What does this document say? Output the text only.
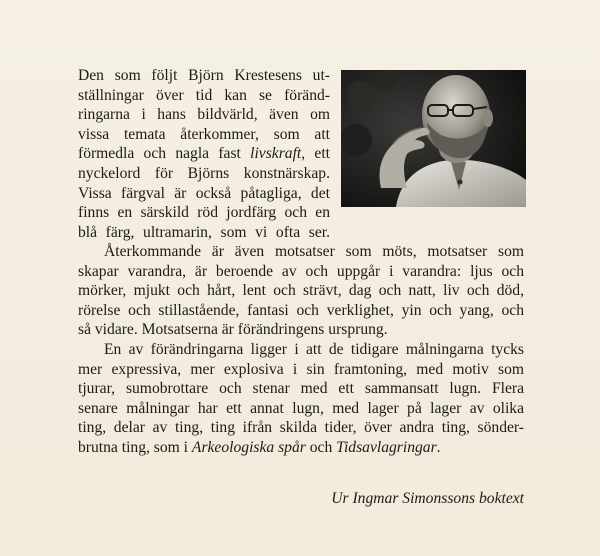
Den som följt Björn Krestesens ut-
ställningar över tid kan se föränd-
ringarna i hans bildvärld, även om
vissa temata återkommer, som att
förmedla och nagla fast livskraft, ett
nyckelord för Björns konstnärskap.
Vissa färgval är också påtagliga, det
finns en särskild röd jordfärg och en
blå färg, ultramarin, som vi ofta ser.
Återkommande är även motsatser som möts, motsatser som
skapar varandra, är beroende av och uppgår i varandra: ljus och
mörker, mjukt och hårt, lent och strävt, dag och natt, liv och död,
rörelse och stillastående, fantasi och verklighet, yin och yang, och
så vidare. Motsatserna är förändringens ursprung.
En av förändringarna ligger i att de tidigare målningarna tycks
mer expressiva, mer explosiva i sin framtoning, med motiv som
tjurar, sumobrottare och stenar med ett sammansatt lugn. Flera
senare målningar har ett annat lugn, med lager på lager av olika
ting, delar av ting, ting ifrån skilda tider, över andra ting, sönder-
brutna ting, som i Arkeologiska spår och Tidsavlagringar.
Ur Ingmar Simonssons boktext
